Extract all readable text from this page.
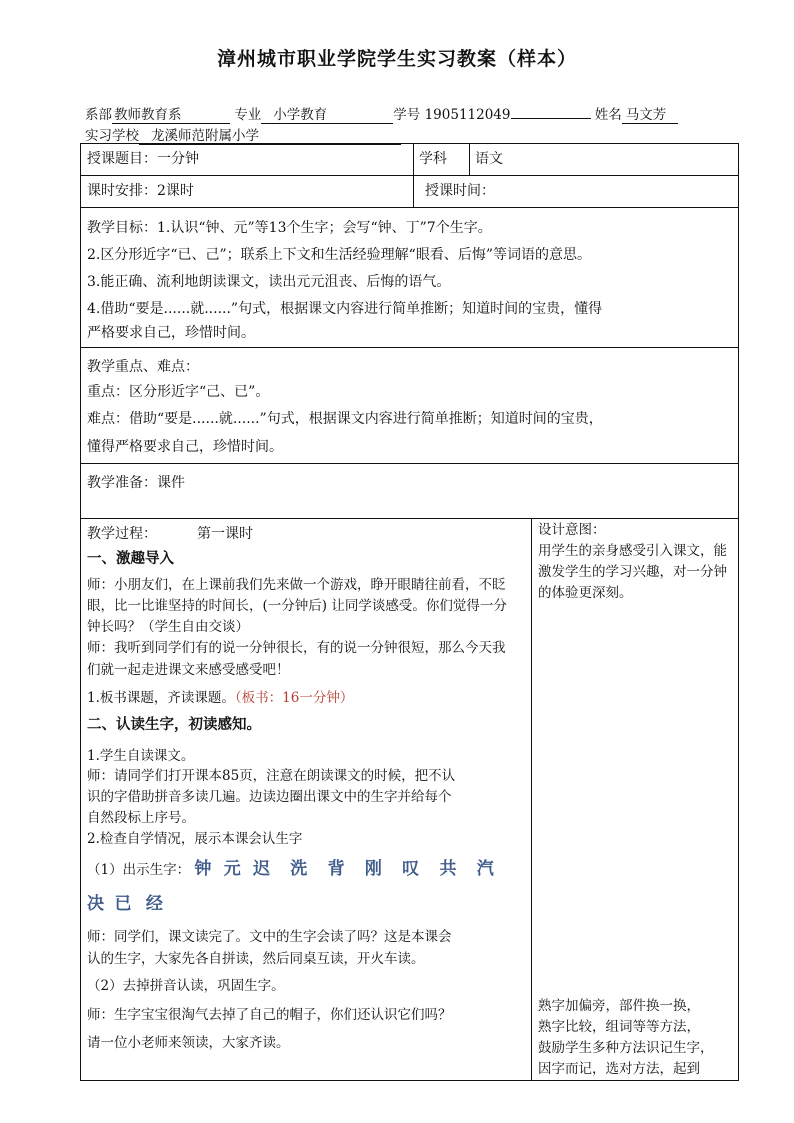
漳州城市职业学院学生实习教案（样本）
系部 教师教育系	专业 小学教育	学号 1905112049	姓名 马文芳
实习学校 龙溪师范附属小学
授课题目：一分钟	学科	语文
课时安排：2课时	授课时间：
教学目标：1.认识“钟、元”等13个生字；会写“钟、丁”7个生字。
2.区分形近字“已、己”；联系上下文和生活经验理解“眼看、后悔”等词语的意思。
3.能正确、流利地朗读课文，读出元元沮丧、后悔的语气。
4.借助“要是......就......”句式，根据课文内容进行简单推断；知道时间的宝贵，懂得
严格要求自己，珍惜时间。
教学重点、难点：
重点：区分形近字“己、已”。
难点：借助“要是......就......”句式，根据课文内容进行简单推断；知道时间的宝贵，
懂得严格要求自己，珍惜时间。
教学准备：课件
教学过程：	第一课时
一、激趣导入
师：小朋友们，在上课前我们先来做一个游戏，睁开眼睛往前看，不眨
眼，比一比谁坚持的时间长，(一分钟后) 让同学谈感受。你们觉得一分
钟长吗？（学生自由交谈）
师：我听到同学们有的说一分钟很长，有的说一分钟很短，那么今天我
们就一起走进课文来感受感受吧！
1.板书课题，齐读课题。（板书：16一分钟）
二、认读生字，初读感知。
1.学生自读课文。
师：请同学们打开课本85页，注意在朗读课文的时候，把不认
识的字借助拼音多读几遍。边读边圈出课文中的生字并给每个
自然段标上序号。
2.检查自学情况，展示本课会认生字
（1）出示生字： 钟 元 迟 洗 背 刚 叹 共 汽
决 已 经
师：同学们，课文读完了。文中的生字会读了吗？这是本课会
认的生字，大家先各自拼读，然后同桌互读，开火车读。
（2）去掉拼音认读，巩固生字。
师：生字宝宝很淘气去掉了自己的帽子，你们还认识它们吗？
请一位小老师来领读，大家齐读。
设计意图：
用学生的亲身感受引入课文，能
激发学生的学习兴趣，对一分钟
的体验更深刻。
熟字加偏旁，部件换一换，
熟字比较，组词等等方法，
鼓励学生多种方法识记生字，
因字而记，选对方法，起到
